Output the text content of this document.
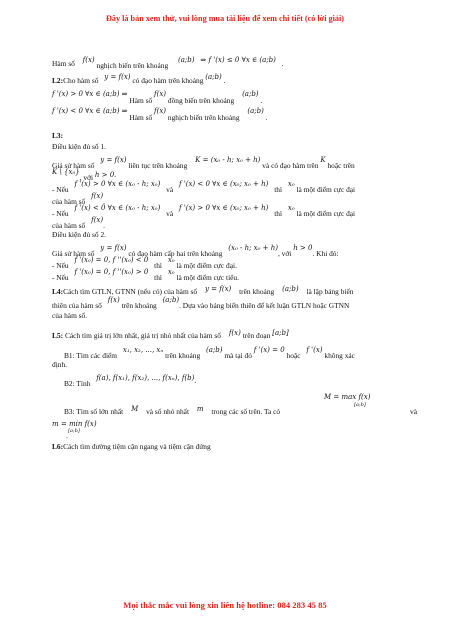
Đây là bản xem thử, vui lòng mua tài liệu để xem chi tiết (có lời giải)
Hàm số f(x) nghịch biến trên khoảng (a;b) ⇒ f '(x) ≤ 0 ∀x ∈ (a;b) .
L2:Cho hàm số y = f(x) có đạo hàm trên khoảng (a;b) .
f '(x) > 0 ∀x ∈ (a;b) ⇒ Hàm số f(x) đồng biến trên khoảng (a;b) .
f '(x) < 0 ∀x ∈ (a;b) ⇒ Hàm số f(x) nghịch biến trên khoảng (a;b) .
L3:
Điều kiện đủ số 1.
Giả sử hàm số y = f(x) liên tục trên khoảng K = (x₀ - h; x₀ + h) và có đạo hàm trên K hoặc trên
K \ {x₀}, với h > 0.
- Nếu f '(x) > 0 ∀x ∈ (x₀ - h; x₀) và f '(x) < 0 ∀x ∈ (x₀; x₀ + h) thì x₀ là một điểm cực đại
của hàm số f(x).
- Nếu f '(x) < 0 ∀x ∈ (x₀ - h; x₀) và f '(x) > 0 ∀x ∈ (x₀; x₀ + h) thì x₀ là một điểm cực đại
của hàm số f(x).
Điều kiện đủ số 2.
Giả sử hàm số y = f(x) có đạo hàm cấp hai trên khoảng (x₀ - h; x₀ + h), với h > 0. Khi đó:
- Nếu f '(x₀) = 0, f ''(x₀) < 0 thì x₀ là một điểm cực đại.
- Nếu f '(x₀) = 0, f ''(x₀) > 0 thì x₀ là một điểm cực tiểu.
L4:Cách tìm GTLN, GTNN (nếu có) của hàm số y = f(x) trên khoảng (a;b) là lập bảng biến
thiên của hàm số f(x) trên khoảng (a;b). Dựa vào bảng biến thiên để kết luận GTLN hoặc GTNN
của hàm số.
L5: Cách tìm giá trị lớn nhất, giá trị nhỏ nhất của hàm số f(x) trên đoạn [a;b]
B1: Tìm các điểm x₁, x₂, ..., xₙ trên khoảng (a;b) mà tại đó f '(x) = 0 hoặc f '(x) không xác
định.
B2: Tính f(a), f(x₁), f(x₂), ..., f(xₙ), f(b).
M = max f(x)
[a;b]
B3: Tìm số lớn nhất M và số nhỏ nhất m trong các số trên. Ta có	và
m = min f(x)
[a;b]
.
L6:Cách tìm đường tiệm cận ngang và tiệm cận đứng
Mọi thắc mắc vui lòng xin liên hệ hotline: 084 283 45 85
